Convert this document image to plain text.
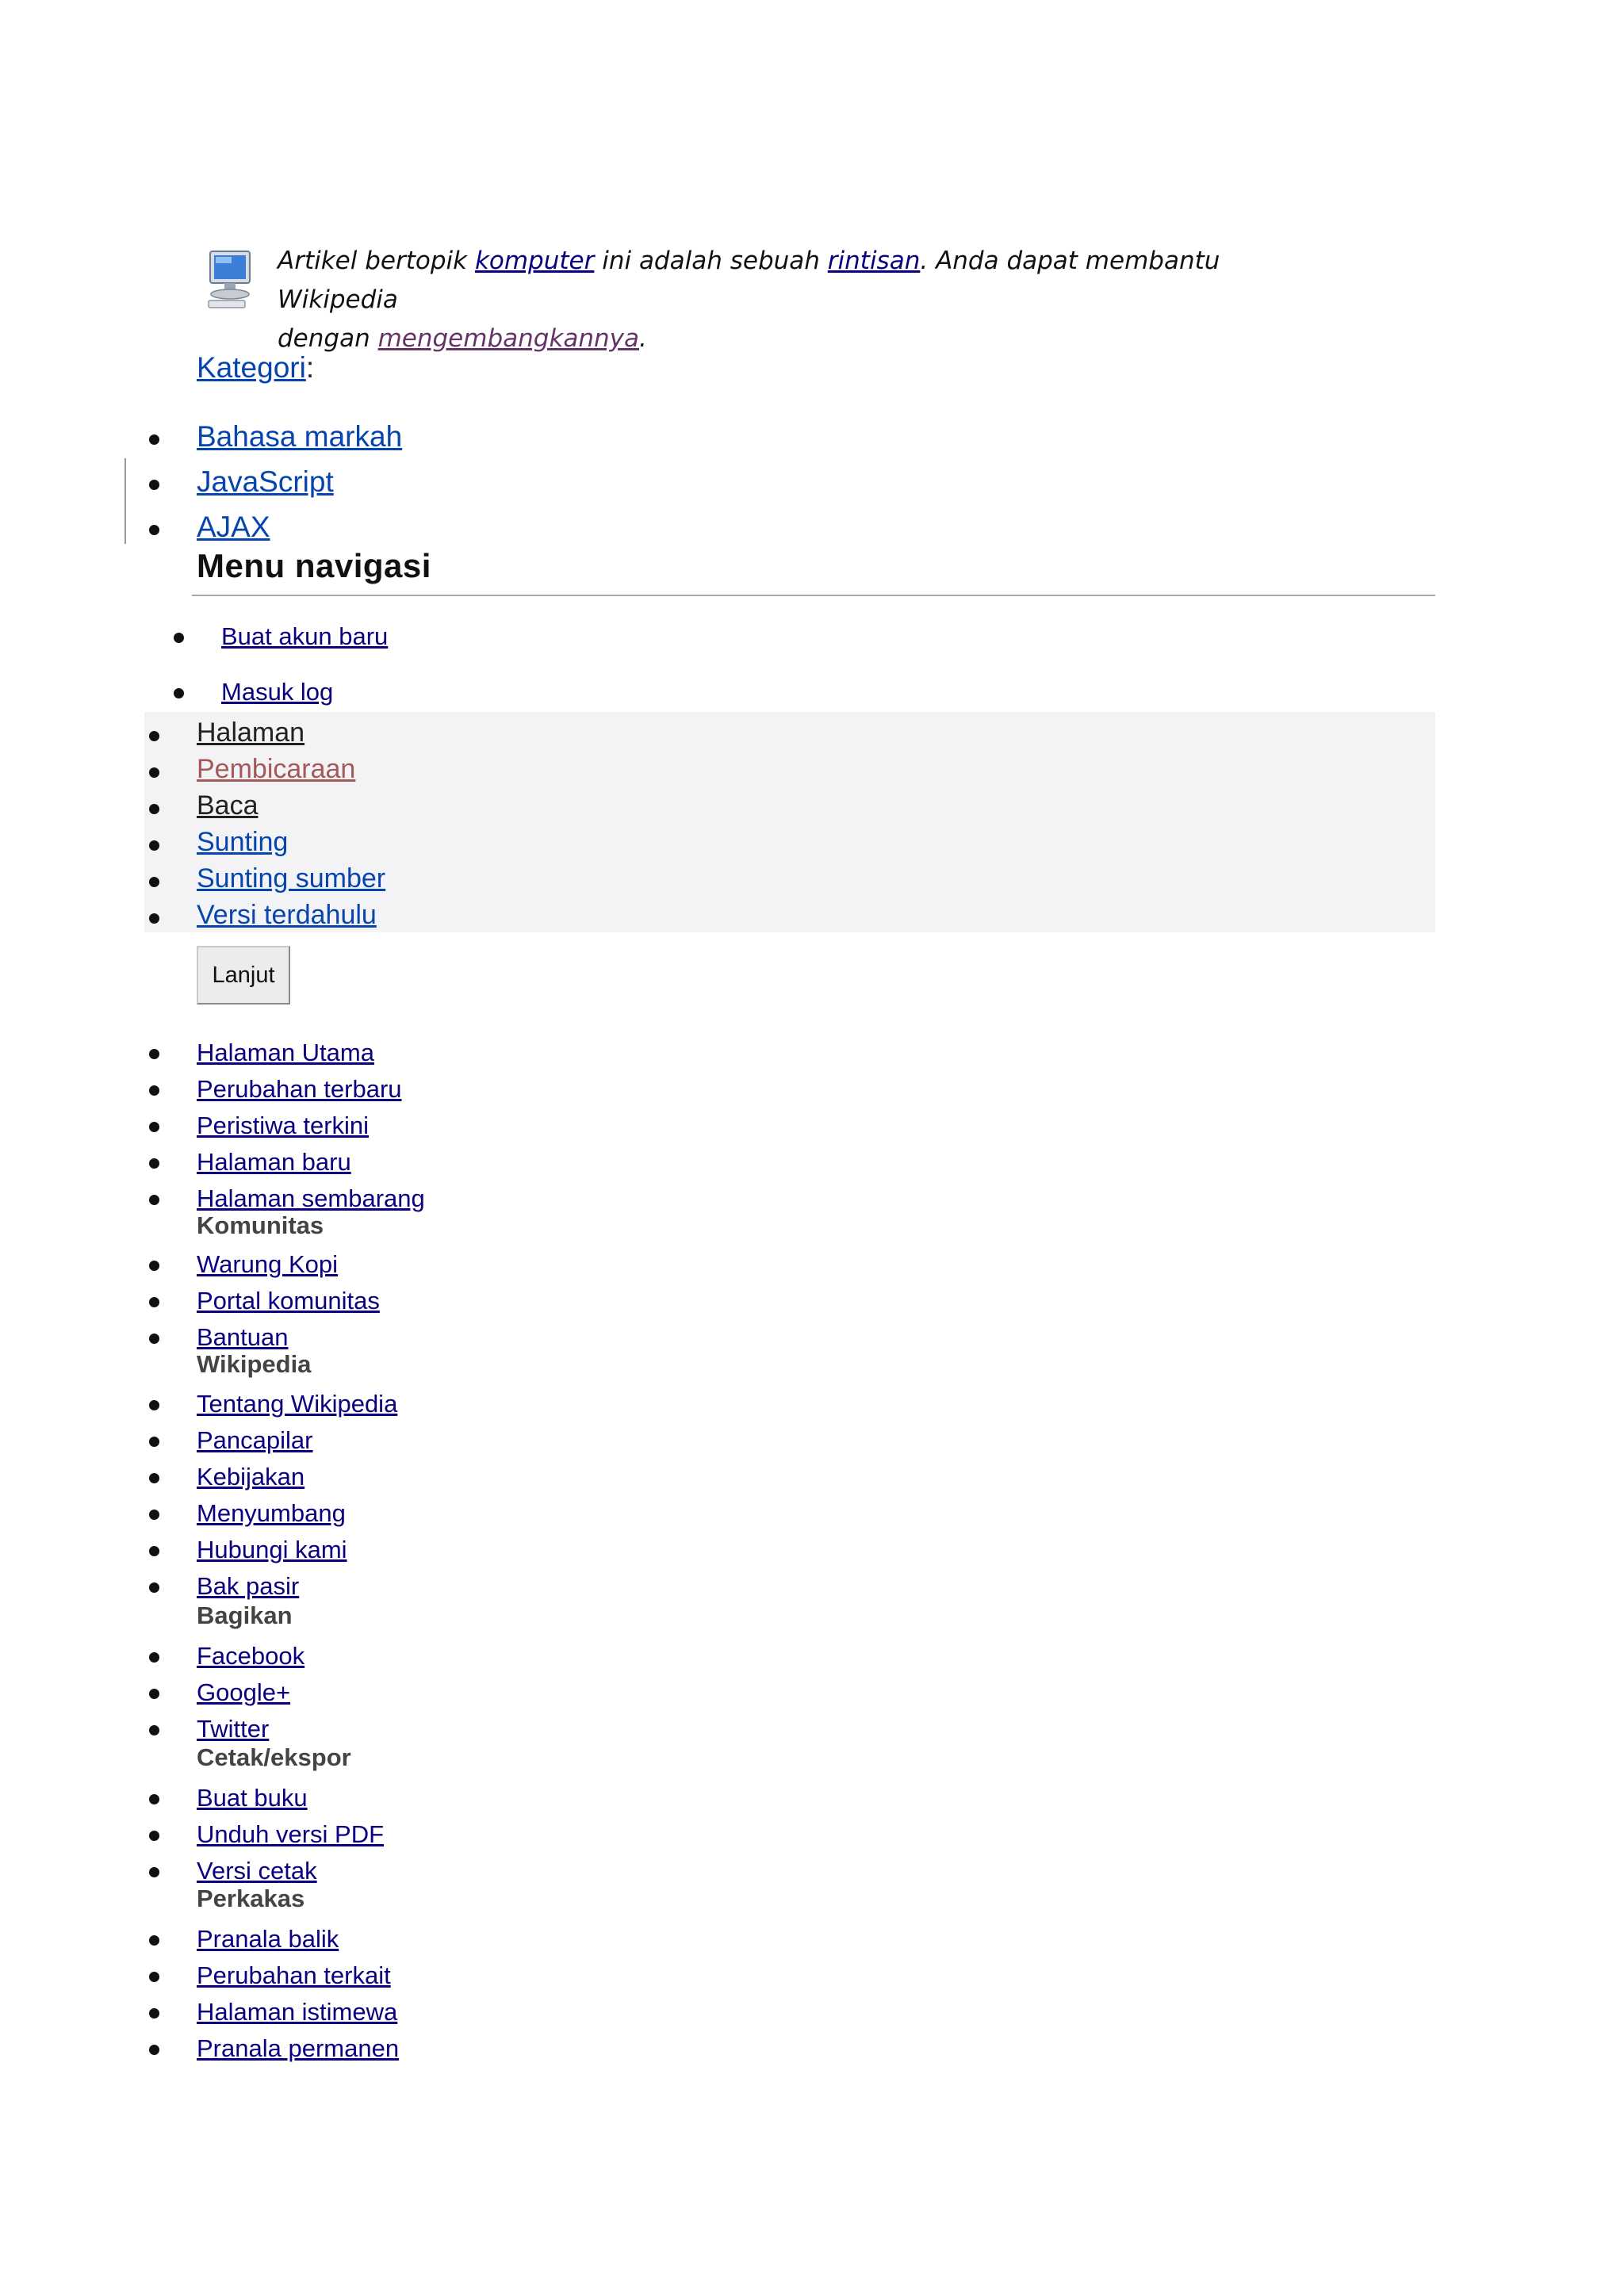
Artikel bertopik komputer ini adalah sebuah rintisan. Anda dapat membantu Wikipedia
dengan mengembangkannya.
Kategori:
Bahasa markah
JavaScript
AJAX
Menu navigasi
Buat akun baru
Masuk log
Halaman
Pembicaraan
Baca
Sunting
Sunting sumber
Versi terdahulu
Lanjut
Halaman Utama
Perubahan terbaru
Peristiwa terkini
Halaman baru
Halaman sembarang
Komunitas
Warung Kopi
Portal komunitas
Bantuan
Wikipedia
Tentang Wikipedia
Pancapilar
Kebijakan
Menyumbang
Hubungi kami
Bak pasir
Bagikan
Facebook
Google+
Twitter
Cetak/ekspor
Buat buku
Unduh versi PDF
Versi cetak
Perkakas
Pranala balik
Perubahan terkait
Halaman istimewa
Pranala permanen
